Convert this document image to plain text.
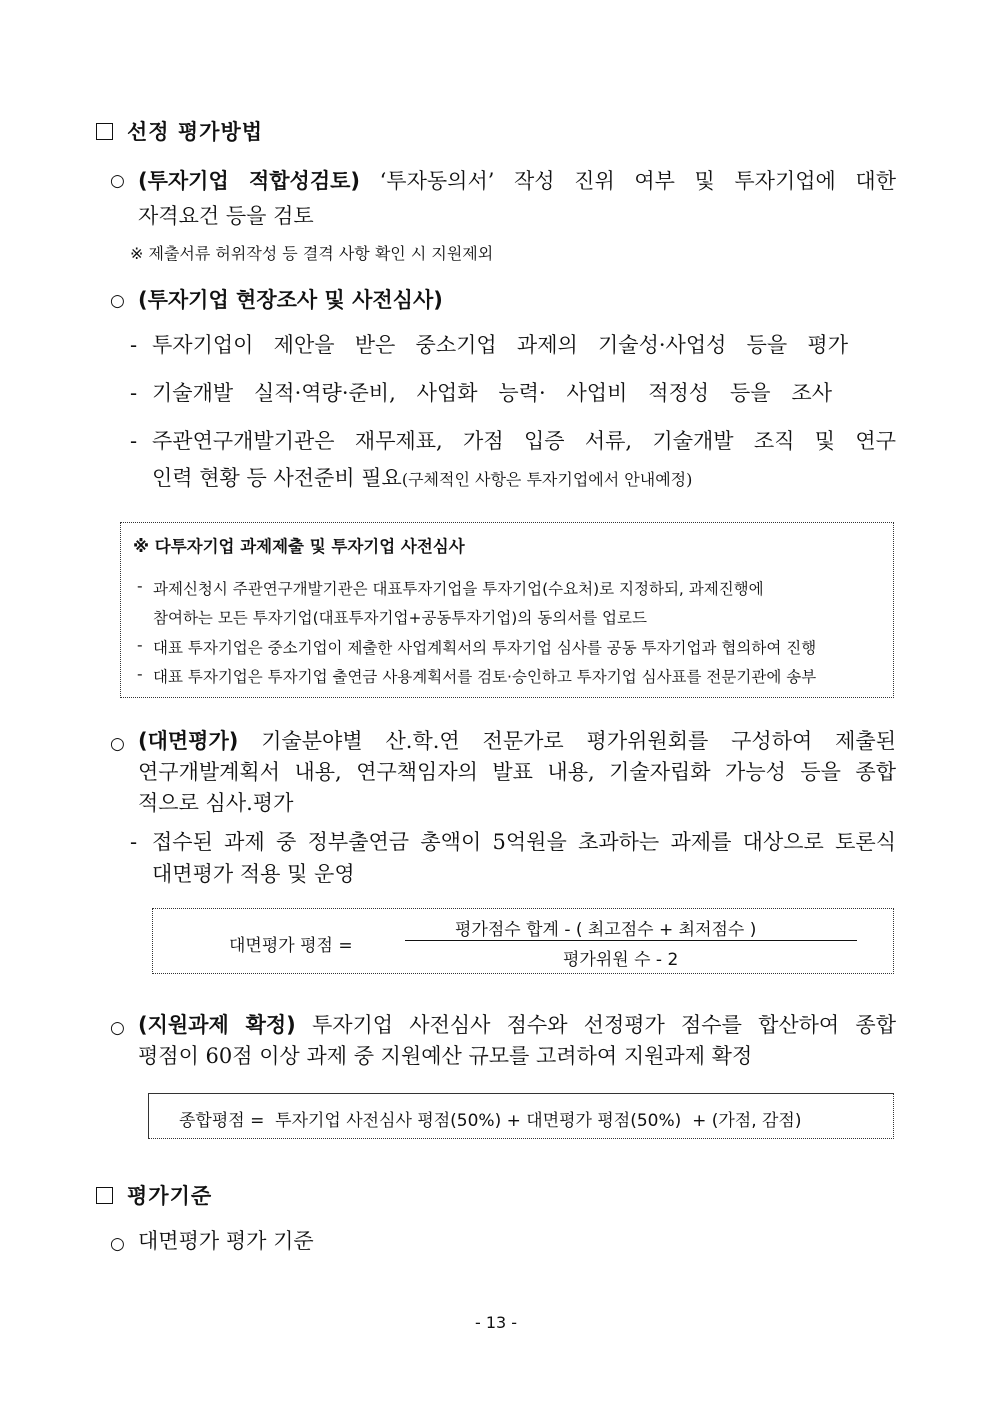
선정 평가방법
○ (투자기업 적합성검토) ‘투자동의서’ 작성 진위 여부 및 투자기업에 대한
자격요건 등을 검토
※ 제출서류 허위작성 등 결격 사항 확인 시 지원제외
○ (투자기업 현장조사 및 사전심사)
- 투자기업이 제안을 받은 중소기업 과제의 기술성·사업성 등을 평가
- 기술개발 실적·역량·준비, 사업화 능력· 사업비 적정성 등을 조사
- 주관연구개발기관은 재무제표, 가점 입증 서류, 기술개발 조직 및 연구
인력 현황 등 사전준비 필요(구체적인 사항은 투자기업에서 안내예정)
※ 다투자기업 과제제출 및 투자기업 사전심사
- 과제신청시 주관연구개발기관은 대표투자기업을 투자기업(수요처)로 지정하되, 과제진행에
참여하는 모든 투자기업(대표투자기업+공동투자기업)의 동의서를 업로드
- 대표 투자기업은 중소기업이 제출한 사업계획서의 투자기업 심사를 공동 투자기업과 협의하여 진행
- 대표 투자기업은 투자기업 출연금 사용계획서를 검토·승인하고 투자기업 심사표를 전문기관에 송부
○ (대면평가) 기술분야별 산.학.연 전문가로 평가위원회를 구성하여 제출된
연구개발계획서 내용, 연구책임자의 발표 내용, 기술자립화 가능성 등을 종합
적으로 심사.평가
- 접수된 과제 중 정부출연금 총액이 5억원을 초과하는 과제를 대상으로 토론식
대면평가 적용 및 운영
대면평가 평점 =
평가점수 합계 - ( 최고점수 + 최저점수 )
평가위원 수 - 2
○ (지원과제 확정) 투자기업 사전심사 점수와 선정평가 점수를 합산하여 종합
평점이 60점 이상 과제 중 지원예산 규모를 고려하여 지원과제 확정
종합평점 =  투자기업 사전심사 평점(50%) + 대면평가 평점(50%)  + (가점, 감점)
평가기준
○ 대면평가 평가 기준
- 13 -
